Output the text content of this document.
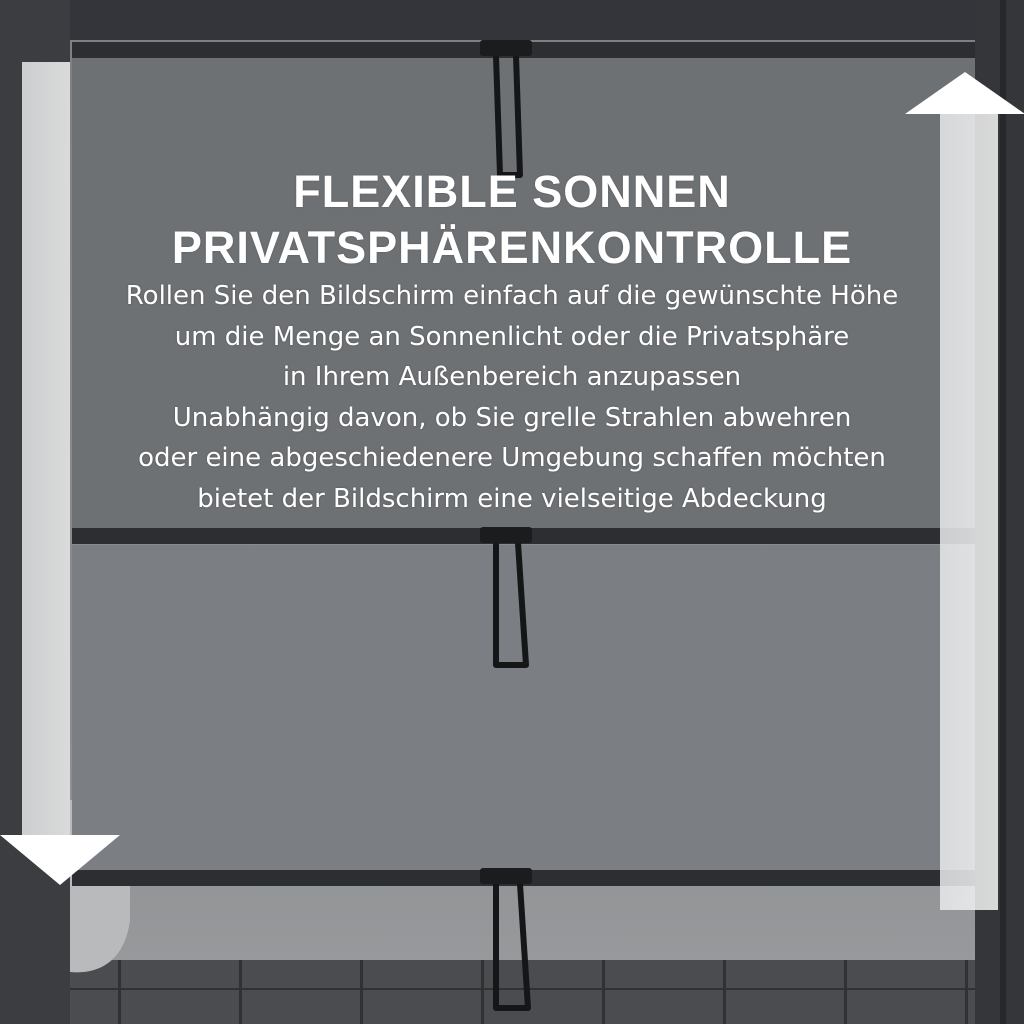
FLEXIBLE SONNEN
PRIVATSPHÄRENKONTROLLE

Rollen Sie den Bildschirm einfach auf die gewünschte Höhe
um die Menge an Sonnenlicht oder die Privatsphäre
in Ihrem Außenbereich anzupassen
Unabhängig davon, ob Sie grelle Strahlen abwehren
oder eine abgeschiedenere Umgebung schaffen möchten
bietet der Bildschirm eine vielseitige Abdeckung
